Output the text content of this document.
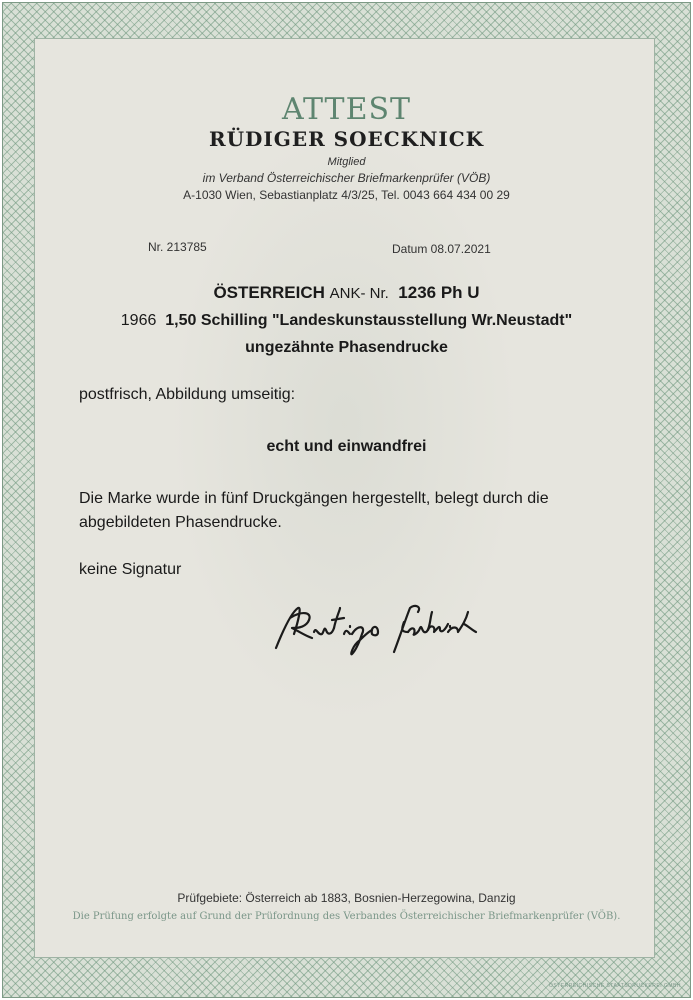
ATTEST
RÜDIGER SOECKNICK
Mitglied
im Verband Österreichischer Briefmarkenprüfer (VÖB)
A-1030 Wien, Sebastianplatz 4/3/25, Tel. 0043 664 434 00 29
Nr. 213785	Datum 08.07.2021
ÖSTERREICH ANK- Nr. 1236 Ph U
1966 1,50 Schilling "Landeskunstausstellung Wr.Neustadt"
ungezähnte Phasendrucke
postfrisch, Abbildung umseitig:
echt und einwandfrei
Die Marke wurde in fünf Druckgängen hergestellt, belegt durch die abgebildeten Phasendrucke.
keine Signatur
Prüfgebiete: Österreich ab 1883, Bosnien-Herzegowina, Danzig
Die Prüfung erfolgte auf Grund der Prüfordnung des Verbandes Österreichischer Briefmarkenprüfer (VÖB).
ÖSTERREICHISCHE STAATSDRUCKEREI GMBH
